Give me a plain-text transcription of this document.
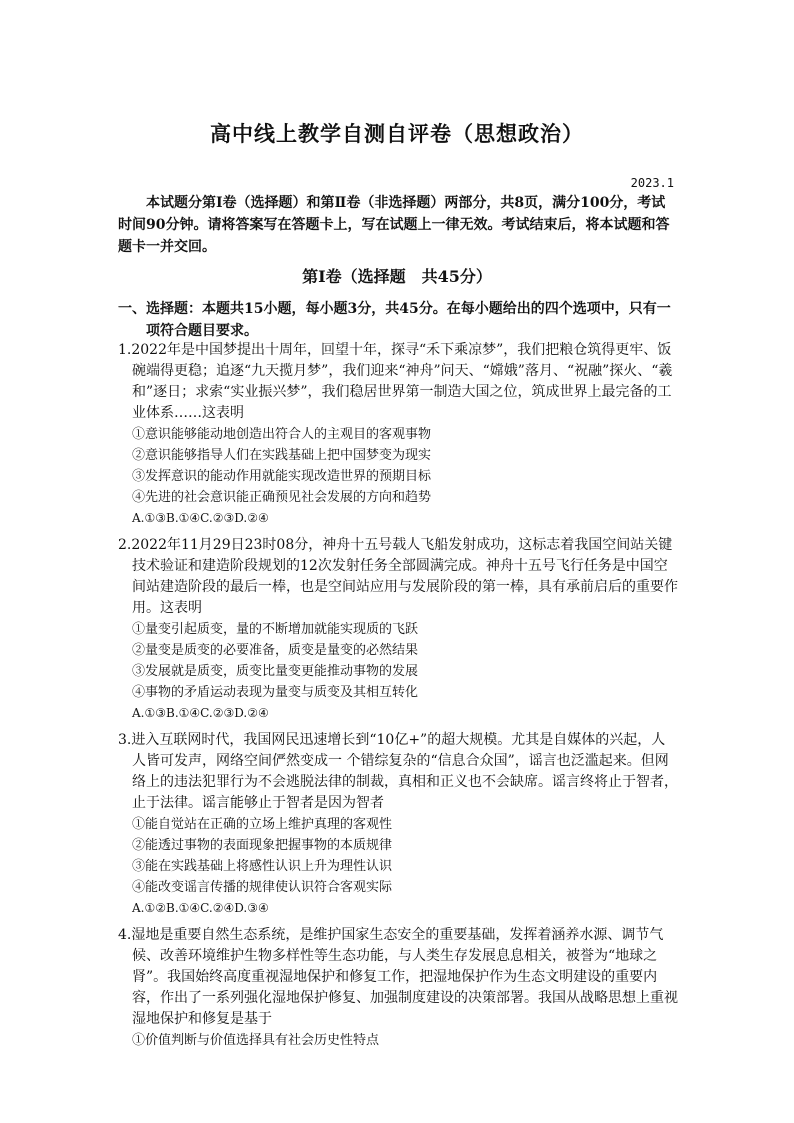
高中线上教学自测自评卷（思想政治）
2023.1
本试题分第Ⅰ卷（选择题）和第Ⅱ卷（非选择题）两部分，共8页，满分100分，考试时间90分钟。请将答案写在答题卡上，写在试题上一律无效。考试结束后，将本试题和答题卡一并交回。
第Ⅰ卷（选择题　共45分）
一、选择题：本题共15小题，每小题3分，共45分。在每小题给出的四个选项中，只有一项符合题目要求。
1.2022年是中国梦提出十周年，回望十年，探寻“禾下乘凉梦”，我们把粮仓筑得更牢、饭碗端得更稳；追逐“九天揽月梦”，我们迎来“神舟”问天、“嫦娥”落月、“祝融”探火、“羲和”逐日；求索“实业振兴梦”，我们稳居世界第一制造大国之位，筑成世界上最完备的工业体系……这表明
①意识能够能动地创造出符合人的主观目的客观事物
②意识能够指导人们在实践基础上把中国梦变为现实
③发挥意识的能动作用就能实现改造世界的预期目标
④先进的社会意识能正确预见社会发展的方向和趋势
A.①③B.①④C.②③D.②④
2.2022年11月29日23时08分，神舟十五号载人飞船发射成功，这标志着我国空间站关键技术验证和建造阶段规划的12次发射任务全部圆满完成。神舟十五号飞行任务是中国空间站建造阶段的最后一棒，也是空间站应用与发展阶段的第一棒，具有承前启后的重要作用。这表明
①量变引起质变，量的不断增加就能实现质的飞跃
②量变是质变的必要准备，质变是量变的必然结果
③发展就是质变，质变比量变更能推动事物的发展
④事物的矛盾运动表现为量变与质变及其相互转化
A.①③B.①④C.②③D.②④
3.进入互联网时代，我国网民迅速增长到“10亿+”的超大规模。尤其是自媒体的兴起，人人皆可发声，网络空间俨然变成一 个错综复杂的“信息合众国”，谣言也泛滥起来。但网络上的违法犯罪行为不会逃脱法律的制裁，真相和正义也不会缺席。谣言终将止于智者，止于法律。谣言能够止于智者是因为智者
①能自觉站在正确的立场上维护真理的客观性
②能透过事物的表面现象把握事物的本质规律
③能在实践基础上将感性认识上升为理性认识
④能改变谣言传播的规律使认识符合客观实际
A.①②B.①④C.②④D.③④
4.湿地是重要自然生态系统，是维护国家生态安全的重要基础，发挥着涵养水源、调节气候、改善环境维护生物多样性等生态功能，与人类生存发展息息相关，被誉为“地球之肾”。我国始终高度重视湿地保护和修复工作，把湿地保护作为生态文明建设的重要内容，作出了一系列强化湿地保护修复、加强制度建设的决策部署。我国从战略思想上重视湿地保护和修复是基于
①价值判断与价值选择具有社会历史性特点
